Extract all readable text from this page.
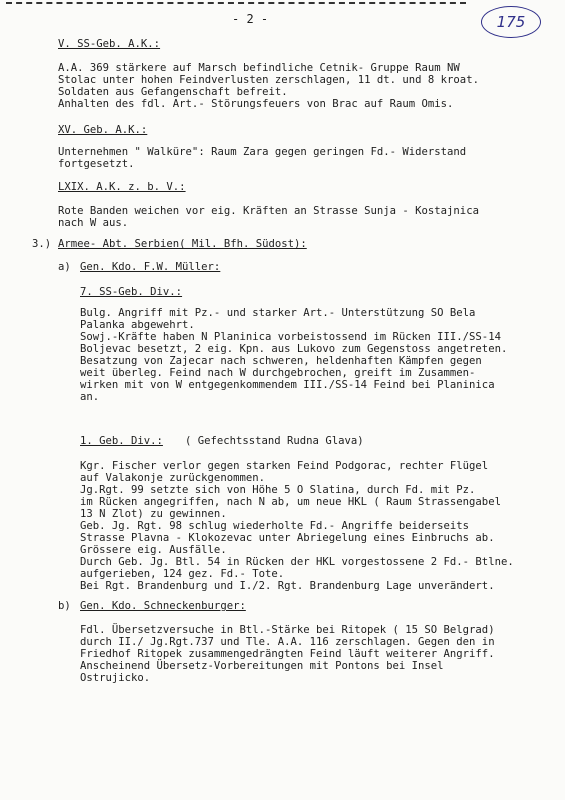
- 2 -	175
V. SS-Geb. A.K.:
A.A. 369 stärkere auf Marsch befindliche Cetnik- Gruppe Raum NW
Stolac unter hohen Feindverlusten zerschlagen, 11 dt. und 8 kroat.
Soldaten aus Gefangenschaft befreit.
Anhalten des fdl. Art.- Störungsfeuers von Brac auf Raum Omis.
XV. Geb. A.K.:
Unternehmen " Walküre": Raum Zara gegen geringen Fd.- Widerstand
fortgesetzt.
LXIX. A.K. z. b. V.:
Rote Banden weichen vor eig. Kräften an Strasse Sunja - Kostajnica
nach W aus.
3.) Armee- Abt. Serbien( Mil. Bfh. Südost):
a) Gen. Kdo. F.W. Müller:
7. SS-Geb. Div.:
Bulg. Angriff mit Pz.- und starker Art.- Unterstützung SO Bela
Palanka abgewehrt.
Sowj.-Kräfte haben N Planinica vorbeistossend im Rücken III./SS-14
Boljevac besetzt, 2 eig. Kpn. aus Lukovo zum Gegenstoss angetreten.
Besatzung von Zajecar nach schweren, heldenhaften Kämpfen gegen
weit überleg. Feind nach W durchgebrochen, greift im Zusammen-
wirken mit von W entgegenkommendem III./SS-14 Feind bei Planinica
an.
1. Geb. Div.: ( Gefechtsstand Rudna Glava)
Kgr. Fischer verlor gegen starken Feind Podgorac, rechter Flügel
auf Valakonje zurückgenommen.
Jg.Rgt. 99 setzte sich von Höhe 5 O Slatina, durch Fd. mit Pz.
im Rücken angegriffen, nach N ab, um neue HKL ( Raum Strassengabel
13 N Zlot) zu gewinnen.
Geb. Jg. Rgt. 98 schlug wiederholte Fd.- Angriffe beiderseits
Strasse Plavna - Klokozevac unter Abriegelung eines Einbruchs ab.
Grössere eig. Ausfälle.
Durch Geb. Jg. Btl. 54 in Rücken der HKL vorgestossene 2 Fd.- Btlne.
aufgerieben, 124 gez. Fd.- Tote.
Bei Rgt. Brandenburg und I./2. Rgt. Brandenburg Lage unverändert.
b) Gen. Kdo. Schneckenburger:
Fdl. Übersetzversuche in Btl.-Stärke bei Ritopek ( 15 SO Belgrad)
durch II./ Jg.Rgt.737 und Tle. A.A. 116 zerschlagen. Gegen den in
Friedhof Ritopek zusammengedrängten Feind läuft weiterer Angriff.
Anscheinend Übersetz-Vorbereitungen mit Pontons bei Insel
Ostrujicko.
